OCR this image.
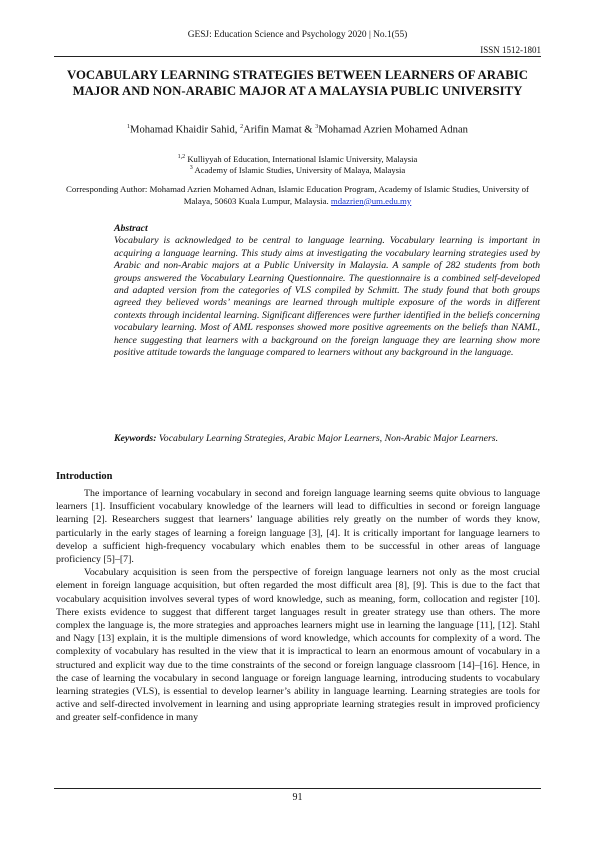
GESJ: Education Science and Psychology 2020 | No.1(55)
ISSN 1512-1801
VOCABULARY LEARNING STRATEGIES BETWEEN LEARNERS OF ARABIC MAJOR AND NON-ARABIC MAJOR AT A MALAYSIA PUBLIC UNIVERSITY
$^1$Mohamad Khaidir Sahid, $^2$Arifin Mamat & $^3$Mohamad Azrien Mohamed Adnan
$^{1,2}$ Kulliyyah of Education, International Islamic University, Malaysia
$^3$ Academy of Islamic Studies, University of Malaya, Malaysia
Corresponding Author: Mohamad Azrien Mohamed Adnan, Islamic Education Program, Academy of Islamic Studies, University of Malaya, 50603 Kuala Lumpur, Malaysia. mdazrien@um.edu.my
Abstract
Vocabulary is acknowledged to be central to language learning. Vocabulary learning is important in acquiring a language learning. This study aims at investigating the vocabulary learning strategies used by Arabic and non-Arabic majors at a Public University in Malaysia. A sample of 282 students from both groups answered the Vocabulary Learning Questionnaire. The questionnaire is a combined self-developed and adapted version from the categories of VLS compiled by Schmitt. The study found that both groups agreed they believed words’ meanings are learned through multiple exposure of the words in different contexts through incidental learning. Significant differences were further identified in the beliefs concerning vocabulary learning. Most of AML responses showed more positive agreements on the beliefs than NAML, hence suggesting that learners with a background on the foreign language they are learning show more positive attitude towards the language compared to learners without any background in the language.
Keywords: Vocabulary Learning Strategies, Arabic Major Learners, Non-Arabic Major Learners.
Introduction

The importance of learning vocabulary in second and foreign language learning seems quite obvious to language learners [1]. Insufficient vocabulary knowledge of the learners will lead to difficulties in second or foreign language learning [2]. Researchers suggest that learners’ language abilities rely greatly on the number of words they know, particularly in the early stages of learning a foreign language [3], [4]. It is critically important for language learners to develop a sufficient high-frequency vocabulary which enables them to be successful in other areas of language proficiency [5]–[7].

Vocabulary acquisition is seen from the perspective of foreign language learners not only as the most crucial element in foreign language acquisition, but often regarded the most difficult area [8], [9]. This is due to the fact that vocabulary acquisition involves several types of word knowledge, such as meaning, form, collocation and register [10]. There exists evidence to suggest that different target languages result in greater strategy use than others. The more complex the language is, the more strategies and approaches learners might use in learning the language [11], [12]. Stahl and Nagy [13] explain, it is the multiple dimensions of word knowledge, which accounts for complexity of a word. The complexity of vocabulary has resulted in the view that it is impractical to learn an enormous amount of vocabulary in a structured and explicit way due to the time constraints of the second or foreign language classroom [14]–[16]. Hence, in the case of learning the vocabulary in second language or foreign language learning, introducing students to vocabulary learning strategies (VLS), is essential to develop learner’s ability in language learning. Learning strategies are tools for active and self-directed involvement in learning and using appropriate learning strategies result in improved proficiency and greater self-confidence in many

91
